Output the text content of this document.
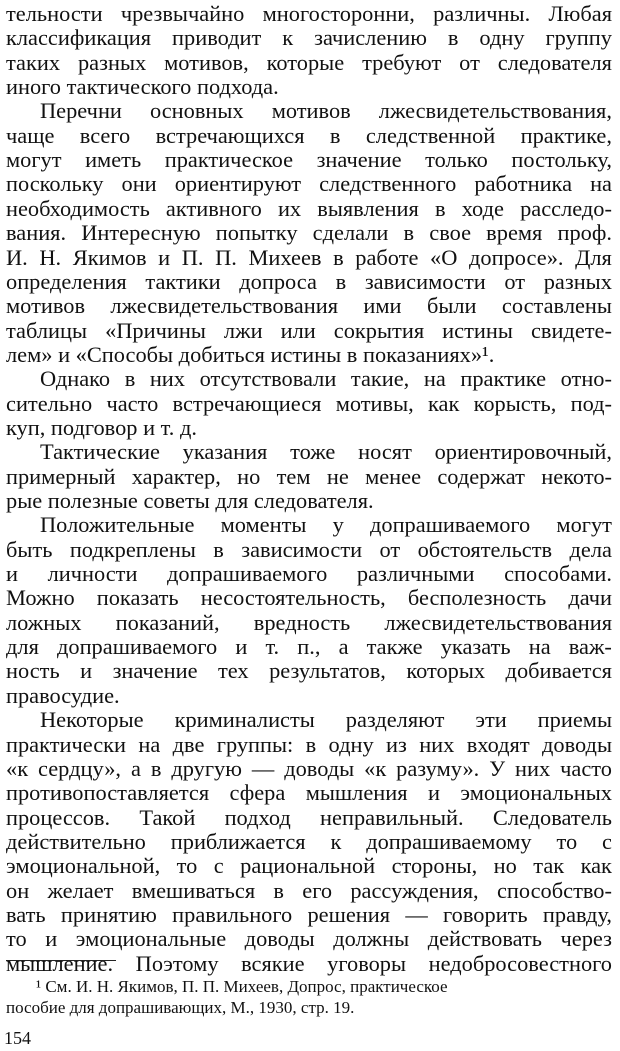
тельности чрезвычайно многосторонни, различны. Любая
классификация приводит к зачислению в одну группу
таких разных мотивов, которые требуют от следователя
иного тактического подхода.
Перечни основных мотивов лжесвидетельствования,
чаще всего встречающихся в следственной практике,
могут иметь практическое значение только постольку,
поскольку они ориентируют следственного работника на
необходимость активного их выявления в ходе расследо-
вания. Интересную попытку сделали в свое время проф.
И. Н. Якимов и П. П. Михеев в работе «О допросе». Для
определения тактики допроса в зависимости от разных
мотивов лжесвидетельствования ими были составлены
таблицы «Причины лжи или сокрытия истины свидете-
лем» и «Способы добиться истины в показаниях»¹.
Однако в них отсутствовали такие, на практике отно-
сительно часто встречающиеся мотивы, как корысть, под-
куп, подговор и т. д.
Тактические указания тоже носят ориентировочный,
примерный характер, но тем не менее содержат некото-
рые полезные советы для следователя.
Положительные моменты у допрашиваемого могут
быть подкреплены в зависимости от обстоятельств дела
и личности допрашиваемого различными способами.
Можно показать несостоятельность, бесполезность дачи
ложных показаний, вредность лжесвидетельствования
для допрашиваемого и т. п., а также указать на важ-
ность и значение тех результатов, которых добивается
правосудие.
Некоторые криминалисты разделяют эти приемы
практически на две группы: в одну из них входят доводы
«к сердцу», а в другую — доводы «к разуму». У них часто
противопоставляется сфера мышления и эмоциональных
процессов. Такой подход неправильный. Следователь
действительно приближается к допрашиваемому то с
эмоциональной, то с рациональной стороны, но так как
он желает вмешиваться в его рассуждения, способство-
вать принятию правильного решения — говорить правду,
то и эмоциональные доводы должны действовать через
мышление. Поэтому всякие уговоры недобросовестного
¹ См. И. Н. Якимов, П. П. Михеев, Допрос, практическое
пособие для допрашивающих, М., 1930, стр. 19.
154
